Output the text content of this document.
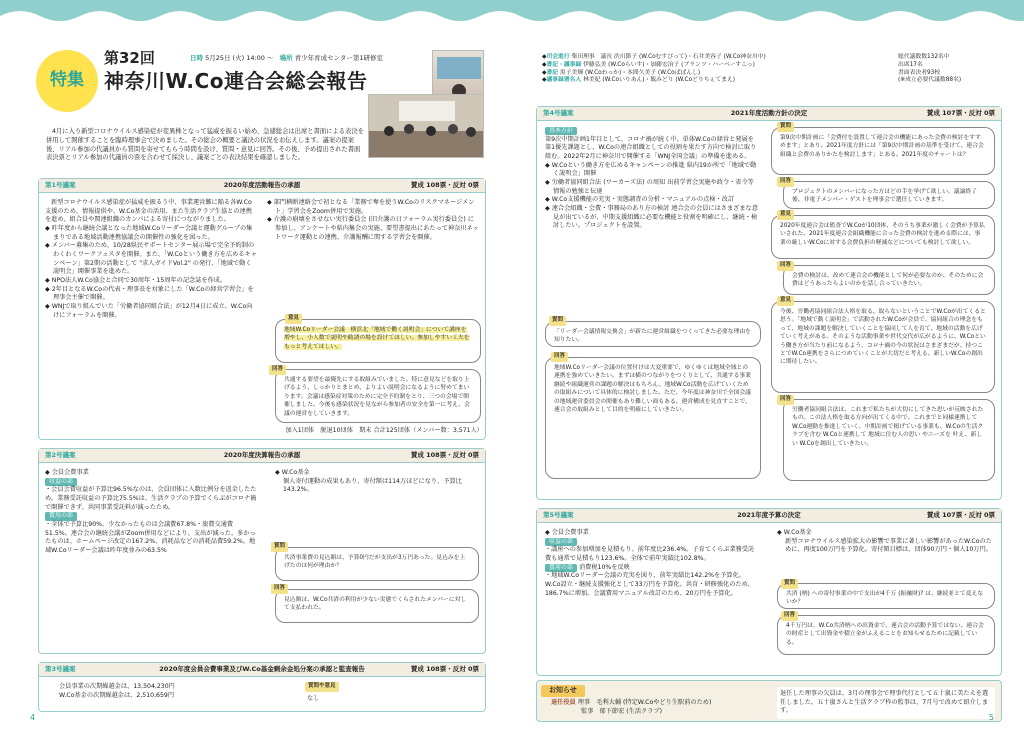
特集
第32回
神奈川W.Co連合会総会報告
日時 5月25日 (火) 14:00 ～ 場所 青少年育成センター第1研修室
4月に入り新型コロナウイルス感染症が変異株となって猛威を振るい始め、急遽総会は出席と書面による表決を併用して開催することを臨時理事会で決めました。その総会の概要と議決の状況をお伝えします。議案の提案後、リアル参加の代議員から質問を寄せてもらう時間を設け、質問・意見に回答。その後、予め提出された書面表決票とリアル参加の代議員の票を合わせて採決し、議案ごとの表決結果を確認しました。
第1号議案	2020年度活動報告の承認	賛成 108票・反対 0票
新型コロナウイルス感染症が猛威を振るう中、事業運営難に陥る各W.Co支援のため、情報提供や、W.Co基金の活用、また生活クラブ生協との連携を進め、組合員や関連組織のカンパによる寄付につながりました。
◆ 昨年度から継続会議となった地域W.Coリーダー会議と運動グループの集まりである地域活動連携協議会の開催性の強化を図った。
◆ メンバー募集のため、10/28県民サポートセンター展示場で完全予約制のわくわくワークフェスタを開催。また、「W.Coという働き方を広めるキャンペーン」第2期の活動として "求人ガイドVol.2" の発行、「地域で動く説明会」開催事業を進めた。
◆ NPO法人W.Co協会と合同で30周年・15周年の記念誌を作成。
◆ 2年目となるW.Coの代表・理事長を対象にした「W.Coの経営学習会」を理事会主催で開催。
◆ WNJで取り組んでいた「労働者協同組合法」が12月4日に成立。W.Co向けにフォーラムを開催。
◆ 部門横断連絡会で初となる「業務で奪を使うW.Coのリスクマネージメント」学習会をZoom併用で実施。
◆ 介護の崩壊をさせない実行委員会 (旧介護の日フォーラム実行委員会) に参加し、アンケートや県内集会の実施、要望書提出にあたって神奈川ネットワーク運動との連携、介護報酬に関する学習会を開催。
地域W.Coリーダー会議　横浜北「地域で働く説明会」について講座を増やし、小人数で説明や勧誘の場を設けてほしい。参加しやすい工夫をもっと考えてほしい。
意見
共通する要望を最優先にする取組みでいました。特に意見などを取り上げるよう、しっかりとまとめ、よりよい説明会になるように努めてまいります。会議は感染症対策のために完全予約制をとり、三つの会場で開催しました。今後も感染状況を見ながら参加者の安全を第一に考え、会議の運営をしていきます。
回答
加入1団体　脱退10団体　期末 合計125団体（メンバー数：3,571人）
第2号議案	2020年度決算報告の承認	賛成 108票・反対 0票
◆ 会員会費事業
収益の部
・会員会費収益が予算比96.5%なのは、会員団体に入数比例分を返金したため。業務受託収益の予算比75.5%は、生活クラブの予算でくらぶがコロナ禍で開催できず、共同事業受託料が減ったため。
費用の部
・全体で予算比90%。少なかったものは会議費67.8%・旅費交通費51.5%。連合会の継続会議がZoom併用などにより、支出が減った。多かったものは、ホームページ改定の167.2%、消耗品などの消耗品費59.2%。地域W.Coリーダー会議は昨年度並みの63.5%
◆ W.Co基金
個人寄付運動の成果もあり、寄付額は114万ほどになり、予算比143.2%。
共済事業費の見込額は、予算0円だが支出が3万円あった。見込みを上げたのは何が理由か？
質問
見込額は、W.Co共済の利用が少ない実態でくらされたメンバーに対して支払われた。
回答
第3号議案	2020年度会員会費事業及びW.Co基金剰余金処分案の承認と監査報告	賛成 108票・反対 0票
会員事業の次期繰越金は、13,504,230円
W.Co基金の次期繰越金は、2,510,659円
質問や意見
なし
4
◆司会進行 柴田理事　議長 渋川節子 (W.Coむすびって)・石井美容子 (W.Co神奈川中)
◆書記・議事録 伊藤弘美 (W.Coらいす)・加藤宏冶子 (ブランツ・ハーベーすこっ)
◆書記 黒子美輝 (W.Coわっか)・本間久美子 (W.Coぱぱんし)
◆議事録署名人 林美紀 (W.Coいりあん)・飯みどり (W.Coどりちぇてまえ)
総代議数数132名中
出席17名
書面表決者93校
(※成立必要代議数88名)
第4号議案	2021年度活動方針の決定	賛成 107票・反対 0票
基本方針
第9次中期計画1年目として、コロナ禍が続く中、単体W.Coの経営と発展を第1優先課題とし、W.Coの連合組織としての役割を果たす方向で検討に取り組む。2022年2月に神奈川で開催する「WNJ全国会議」の準備を進める。
◆ W.Coという働き方を広めるキャンペーンの推進 県内19か所で「地域で動く説明会」開催
◆ 労働者協同組合法 (ワーカーズ法) の周知 出前学習会実施や政令・省令等情報の勉強と伝達
◆ W.Co支援機能の充実・実態調査の分析・マニュアルの点検・改訂
◆ 連合会組織・会費・事務局のあり方の検討 連合会の会員にはさまざまな意見が出ているが、中期支援組織に必要な機能と役割を明確にし、継続・検討したい。プロジェクトを設置。
「リーダー会議情報交換会」が新たに運営組織をつくってきた必要な理由を知りたい。
質問
地域W.Coリーダー会議の位置付けは大変重要で、ゆくゆくは地域全域との連携を強めていきたい。まずは横のつながりをつくりとして、共通する事業継続や組織運営の課題の解決はもちろん、地域W.Co活動を広げていくための取組みについて具体的に検討しました。ただ、今年度は神奈川で全国会議の地域運営委員会の開催もあり難しい面もある。運営構成を見直すことで、連合会の取組みとして目的を明確にしていきたい。
回答
第9次中期計画に「会費付を設置して連合会の機能にあった会費の検討をすすめます」とあり、2021年度方針には「第9次中期計画の基準を受けて、連合会組織と会費のありかたを検討します」とある。2021年度のチャートは？
質問
プロジェクトのメンバーになった方はどの手を挙げて欲しい。議論終了後、非電子メンバー・ゲストを理事会で選任していきます。
回答
2020年度連合会は監査でW.Coが10団体、そのうち事業が激しく会費が予算払いされた。2021年度連合会組織機能に合った会費の検討を進める際には、事業の厳しいW.Coに対する会費負担の軽減などについても検討して欲しい。
意見
会費の検討は、改めて連合会の機能として何が必要なのか、そのために会費はどうあったらよいのかを話し合っていきたい。
回答
今後、労働者協同組合法人格を取る、取らないということでW.Coが出てくると思う。「地域で動く説明会」で活動されたW.Coが会員で、協同組合の理念をもって、地域の課題を解決していくことを協同して人を育て、地域の活動を広げていく考えがある。そのような活動事業や世代交代が広がるように、W.Coという働き方が当たり前になるよう、コロナ禍の今の状況はさまざまだが、持つことでW.Co連携をさらにつめていくことが大切だと考える。新しいW.Coの創出に期待したい。
意見
労働者協同組合法は、これまで私たちが大切にしてきた思いが反映されたもの。この法人格を取る方向が出てくる中で、これまでと同様連携してW.Co運動を推進していく。中期計画で掲げている事業も、W.Coの生活クラブを含む W.Coと連携して 地域に住む人の思い やニーズを 叶え、新しい W.Coを創出していきたい。
回答
第5号議案	2021年度予算の決定	賛成 107票・反対 0票
◆ 会員会費事業
収益の部
・講座への参加増加を見積もり、前年度比236.4%。子育てくらぶ業務受託費も通常で見積もり123.6%。全体で前年実績比102.8%。
費用の部 消費税10%を反映
・地域W.Coリーダー会議の充実を図り、前年実績比142.2%を予算化。W.Co設立・継続支援強化として33万円を予算化。共育・研修強化のため、186.7%に増加。会議費用マニュアル改訂のため、20万円を予算化。
◆ W.Co基金
新型コロナウイルス感染拡大の影響で事業に著しい影響があったW.Coのために、再度100万円を予算化。寄付額目標は、団体90万円・個人10万円。
共済 (柄) への寄付事業の中で支出が4千万 (振融財)? は、継続並とて変えないか？
質問
4千万円は、W.Co共済柄への出資金で、連合会の活動予算ではない。連合会の財産として出資金や積立金がふえることをお知らせるために記載している。
回答
お知らせ
退任役員 理事　毛利大輔 (特定W.Coやどり生駅前のため)
監事　郁下節宏 (生活クラブ)
退任した理事の欠員は、3月の理事会で理事代行として五十嵐に美たえを選任しました。五十嵐さんと生活クラブ枠の監事は、7月号で改めて紹介します。
5
